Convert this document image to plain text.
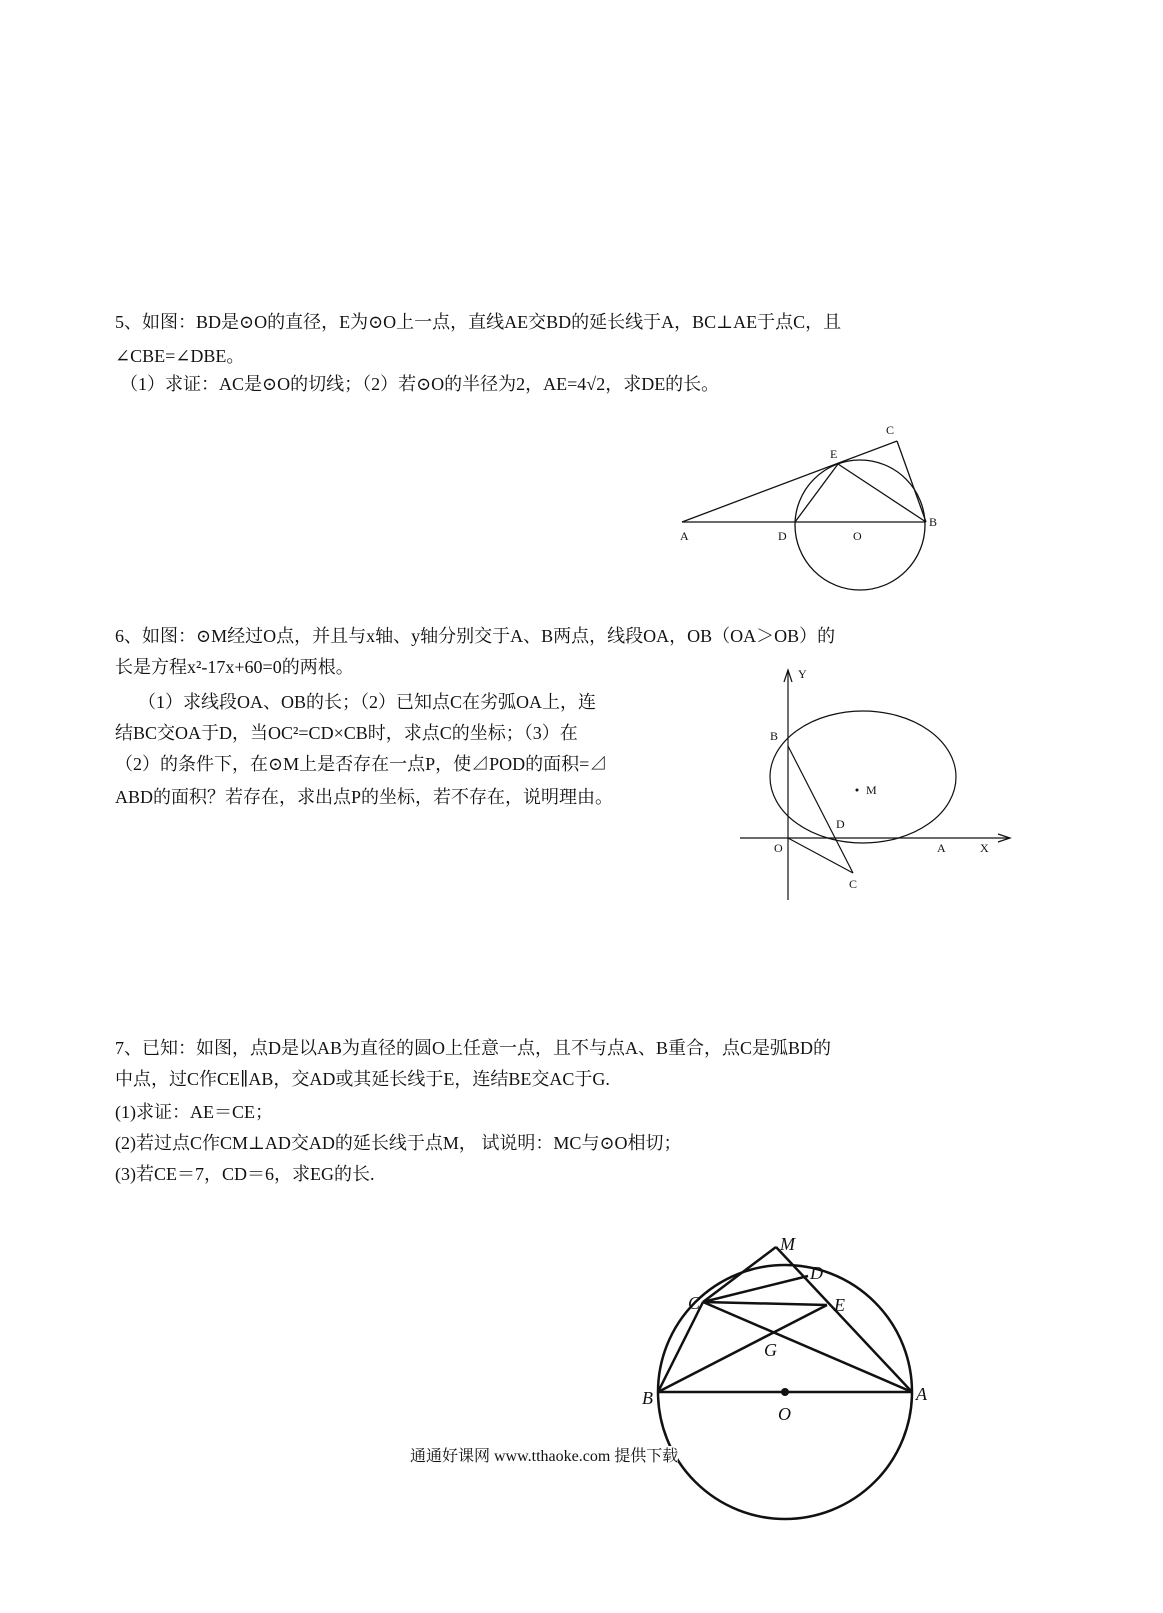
5、如图：BD是⊙O的直径，E为⊙O上一点，直线AE交BD的延长线于A，BC⊥AE于点C，且
∠CBE=∠DBE。
（1）求证：AC是⊙O的切线；（2）若⊙O的半径为2，AE=4√2，求DE的长。
6、如图：⊙M经过O点，并且与x轴、y轴分别交于A、B两点，线段OA，OB（OA＞OB）的
长是方程x²-17x+60=0的两根。
（1）求线段OA、OB的长；（2）已知点C在劣弧OA上，连
结BC交OA于D，当OC²=CD×CB时，求点C的坐标；（3）在
（2）的条件下，在⊙M上是否存在一点P，使⊿POD的面积=⊿
ABD的面积？若存在，求出点P的坐标，若不存在，说明理由。
7、已知：如图，点D是以AB为直径的圆O上任意一点，且不与点A、B重合，点C是弧BD的
中点，过C作CE∥AB，交AD或其延长线于E，连结BE交AC于G.
(1)求证：AE＝CE；
(2)若过点C作CM⊥AD交AD的延长线于点M， 试说明：MC与⊙O相切；
(3)若CE＝7，CD＝6，求EG的长.
A
B
C
D
E
O
Y
X
B
M
D
O	A
C
M
D
C	E
G
B	A
O
通通好课网 www.tthaoke.com 提供下载
